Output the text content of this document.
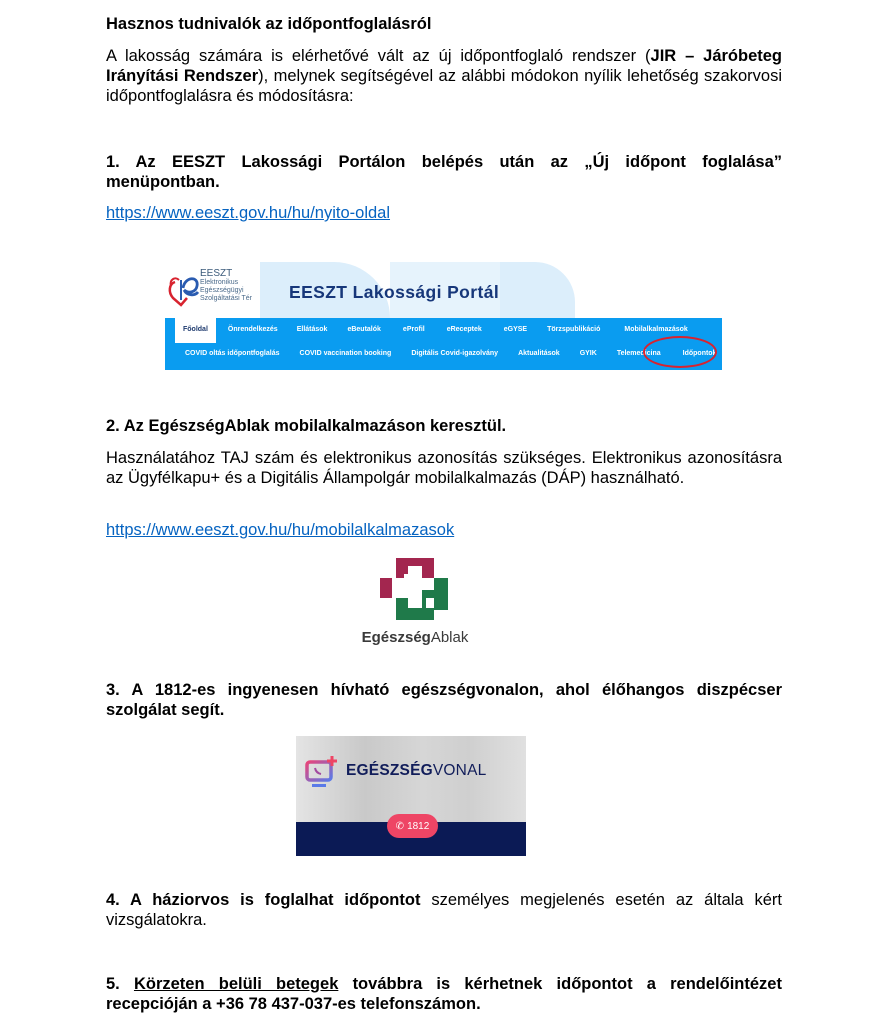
Hasznos tudnivalók az időpontfoglalásról
A lakosság számára is elérhetővé vált az új időpontfoglaló rendszer (JIR – Járóbeteg Irányítási Rendszer), melynek segítségével az alábbi módokon nyílik lehetőség szakorvosi időpontfoglalásra és módosításra:
1. Az EESZT Lakossági Portálon belépés után az „Új időpont foglalása” menüpontban.
https://www.eeszt.gov.hu/hu/nyito-oldal
EESZT
Elektronikus
Egészségügyi
Szolgáltatási Tér EESZT Lakossági Portál
Főoldal	Önrendelkezés	Ellátások	eBeutalók	eProfil	eReceptek	eGYSE	Törzspublikáció	Mobilalkalmazások
COVID oltás időpontfoglalás	COVID vaccination booking	Digitális Covid-igazolvány	Aktualitások	GYIK	Telemedicina	Időpontok
2. Az EgészségAblak mobilalkalmazáson keresztül.
Használatához TAJ szám és elektronikus azonosítás szükséges. Elektronikus azonosításra az Ügyfélkapu+ és a Digitális Állampolgár mobilalkalmazás (DÁP) használható.
https://www.eeszt.gov.hu/hu/mobilalkalmazasok
EgészségAblak
3. A 1812-es ingyenesen hívható egészségvonalon, ahol élőhangos diszpécser szolgálat segít.
EGÉSZSÉGVONAL
✆ 1812
4. A háziorvos is foglalhat időpontot személyes megjelenés esetén az általa kért vizsgálatokra.
5. Körzeten belüli betegek továbbra is kérhetnek időpontot a rendelőintézet recepcióján a +36 78 437-037-es telefonszámon.
